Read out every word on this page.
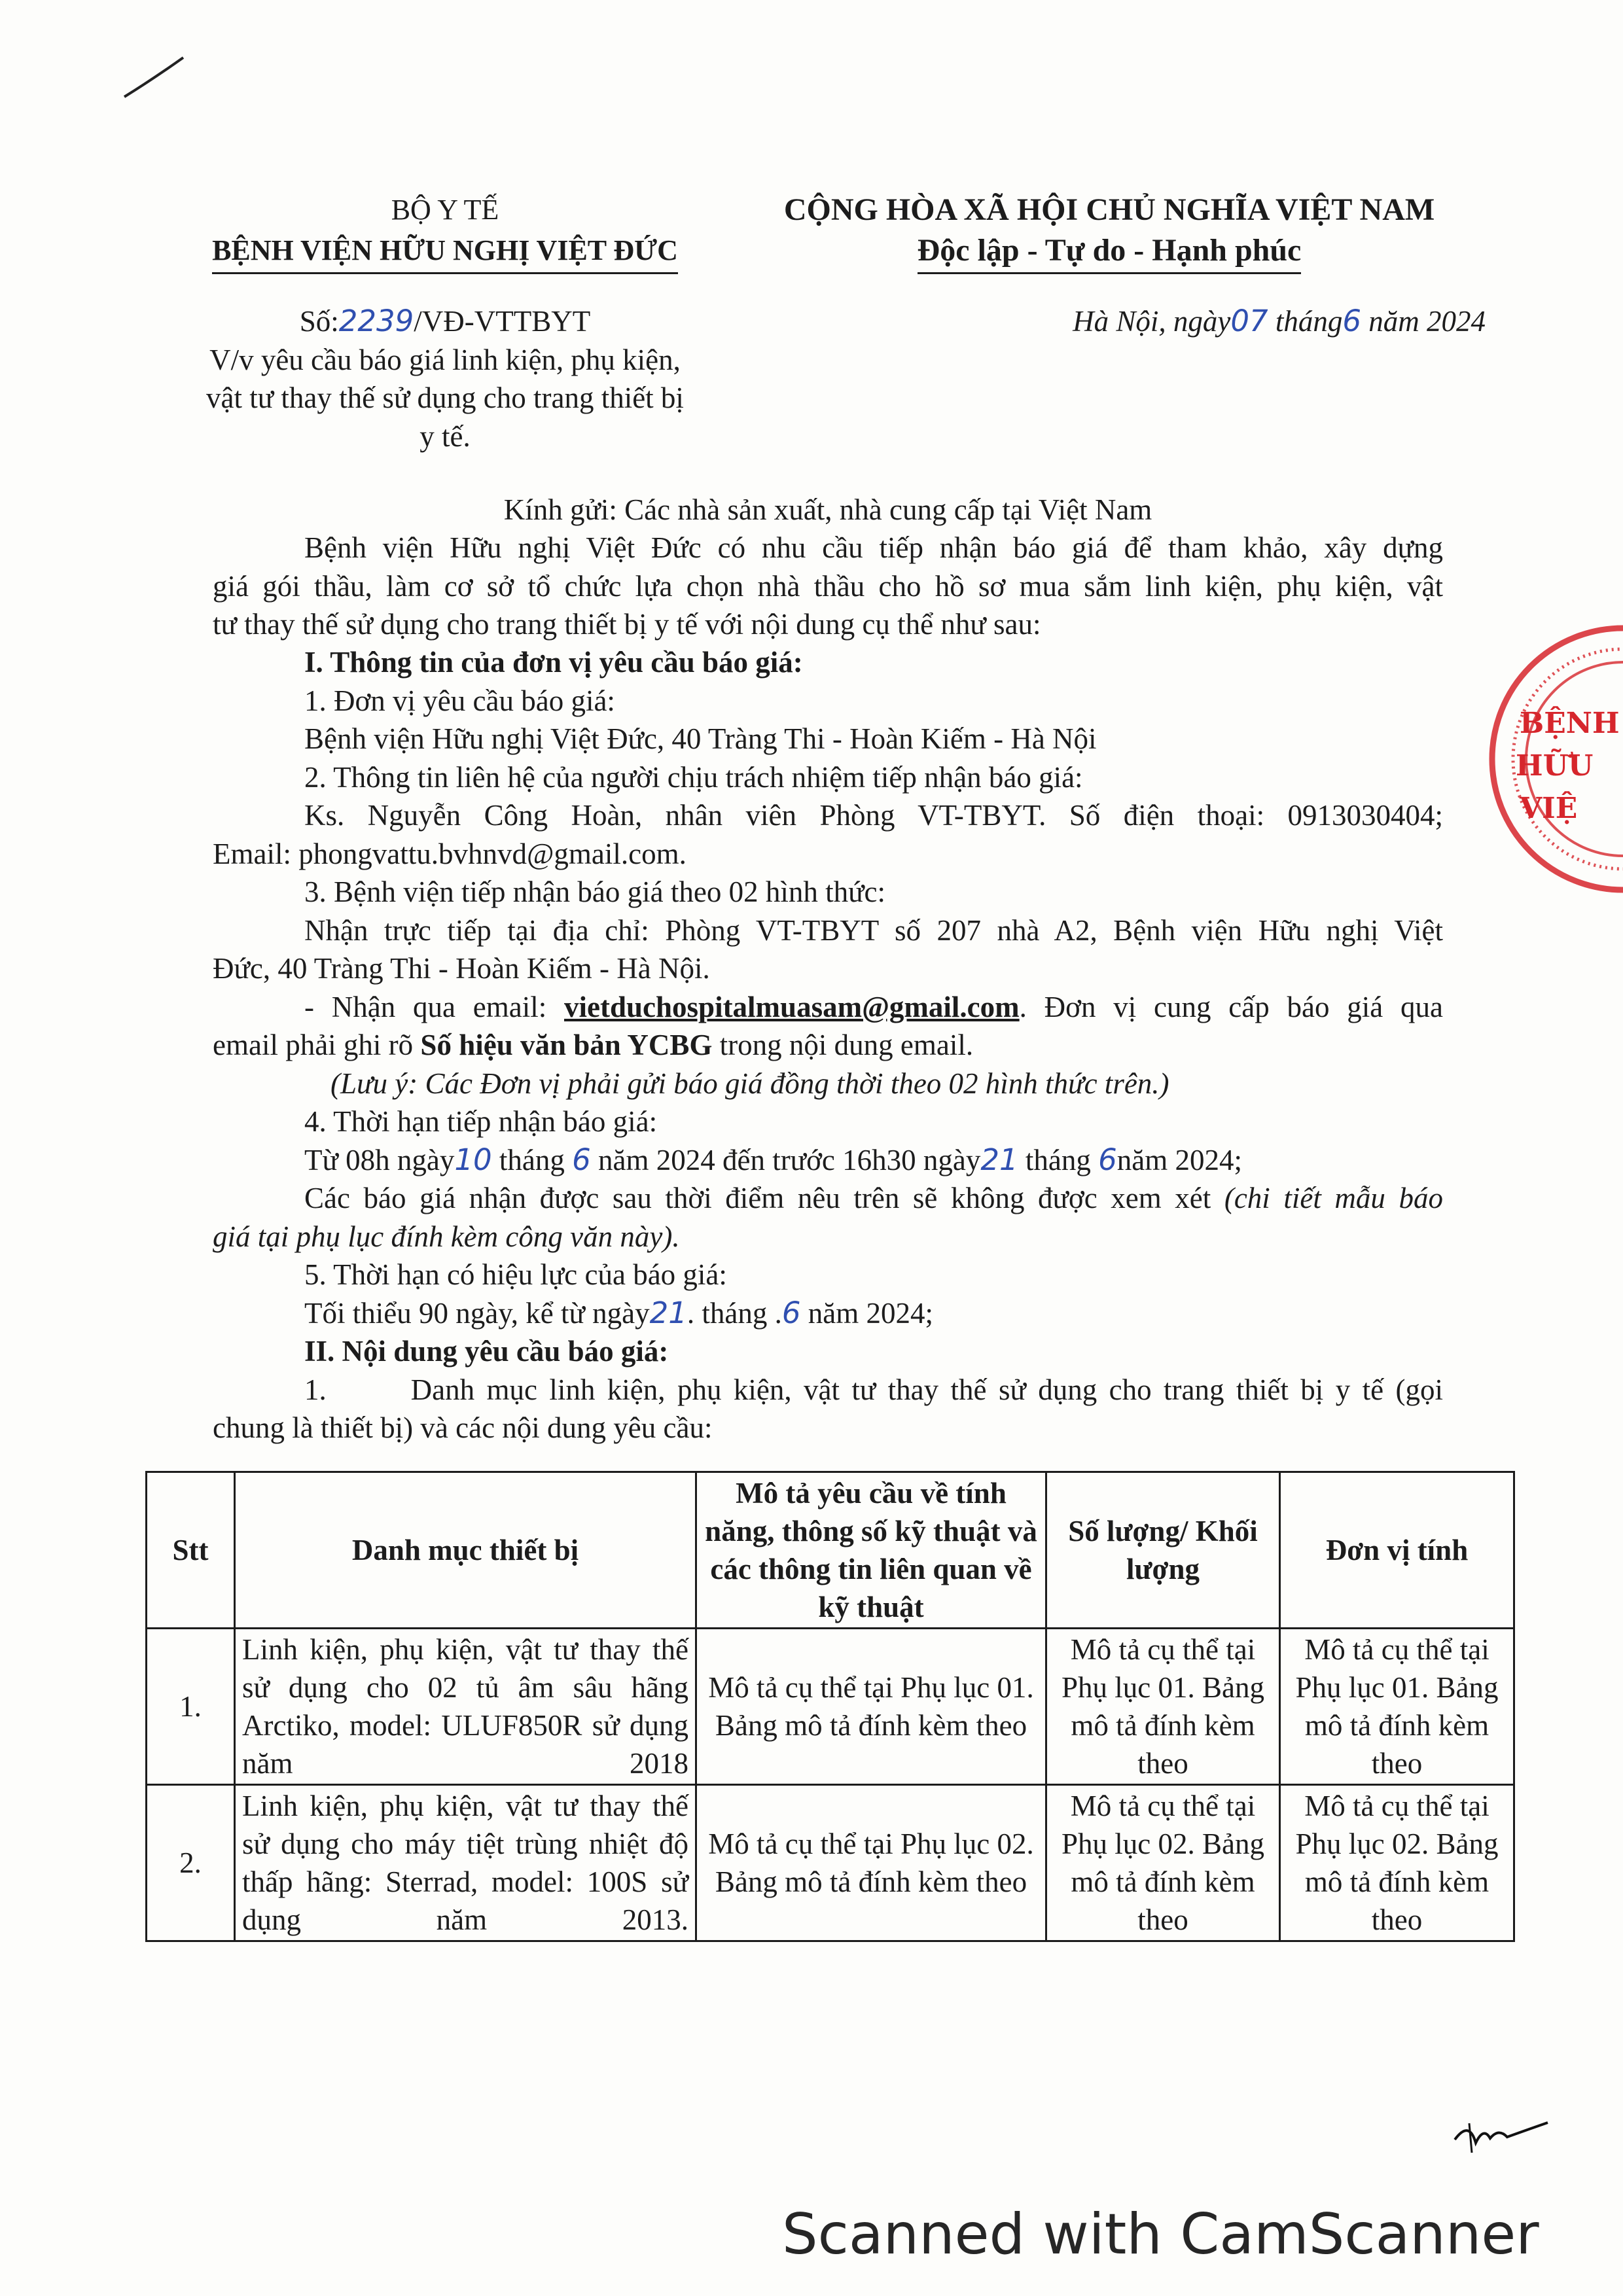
BỘ Y TẾ
BỆNH VIỆN HỮU NGHỊ VIỆT ĐỨC
CỘNG HÒA XÃ HỘI CHỦ NGHĨA VIỆT NAM
Độc lập - Tự do - Hạnh phúc
Số:2239/VĐ-VTTBYT
V/v yêu cầu báo giá linh kiện, phụ kiện,
vật tư thay thế sử dụng cho trang thiết bị
y tế.
Hà Nội, ngày07 tháng6 năm 2024
Kính gửi: Các nhà sản xuất, nhà cung cấp tại Việt Nam
Bệnh viện Hữu nghị Việt Đức có nhu cầu tiếp nhận báo giá để tham khảo, xây dựng
giá gói thầu, làm cơ sở tổ chức lựa chọn nhà thầu cho hồ sơ mua sắm linh kiện, phụ kiện, vật
tư thay thế sử dụng cho trang thiết bị y tế với nội dung cụ thể như sau:
I. Thông tin của đơn vị yêu cầu báo giá:
1. Đơn vị yêu cầu báo giá:
Bệnh viện Hữu nghị Việt Đức, 40 Tràng Thi - Hoàn Kiếm - Hà Nội
2. Thông tin liên hệ của người chịu trách nhiệm tiếp nhận báo giá:
Ks. Nguyễn Công Hoàn, nhân viên Phòng VT-TBYT. Số điện thoại: 0913030404;
Email: phongvattu.bvhnvd@gmail.com.
3. Bệnh viện tiếp nhận báo giá theo 02 hình thức:
Nhận trực tiếp tại địa chỉ: Phòng VT-TBYT số 207 nhà A2, Bệnh viện Hữu nghị Việt
Đức, 40 Tràng Thi - Hoàn Kiếm - Hà Nội.
- Nhận qua email: vietduchospitalmuasam@gmail.com. Đơn vị cung cấp báo giá qua
email phải ghi rõ Số hiệu văn bản YCBG trong nội dung email.
(Lưu ý: Các Đơn vị phải gửi báo giá đồng thời theo 02 hình thức trên.)
4. Thời hạn tiếp nhận báo giá:
Từ 08h ngày10 tháng 6 năm 2024 đến trước 16h30 ngày21 tháng 6năm 2024;
Các báo giá nhận được sau thời điểm nêu trên sẽ không được xem xét (chi tiết mẫu báo
giá tại phụ lục đính kèm công văn này).
5. Thời hạn có hiệu lực của báo giá:
Tối thiểu 90 ngày, kể từ ngày21. tháng .6 năm 2024;
II. Nội dung yêu cầu báo giá:
1.	Danh mục linh kiện, phụ kiện, vật tư thay thế sử dụng cho trang thiết bị y tế (gọi
chung là thiết bị) và các nội dung yêu cầu:
Stt	Danh mục thiết bị	Mô tả yêu cầu về tính năng, thông số kỹ thuật và các thông tin liên quan về kỹ thuật	Số lượng/ Khối lượng	Đơn vị tính
1.	Linh kiện, phụ kiện, vật tư thay thế sử dụng cho 02 tủ âm sâu hãng Arctiko, model: ULUF850R sử dụng năm 2018	Mô tả cụ thể tại Phụ lục 01. Bảng mô tả đính kèm theo	Mô tả cụ thể tại Phụ lục 01. Bảng mô tả đính kèm theo	Mô tả cụ thể tại Phụ lục 01. Bảng mô tả đính kèm theo
2.	Linh kiện, phụ kiện, vật tư thay thế sử dụng cho máy tiệt trùng nhiệt độ thấp hãng: Sterrad, model: 100S sử dụng năm 2013.	Mô tả cụ thể tại Phụ lục 02. Bảng mô tả đính kèm theo	Mô tả cụ thể tại Phụ lục 02. Bảng mô tả đính kèm theo	Mô tả cụ thể tại Phụ lục 02. Bảng mô tả đính kèm theo
BỆNH
HỮU
VIỆ
Scanned with CamScanner
